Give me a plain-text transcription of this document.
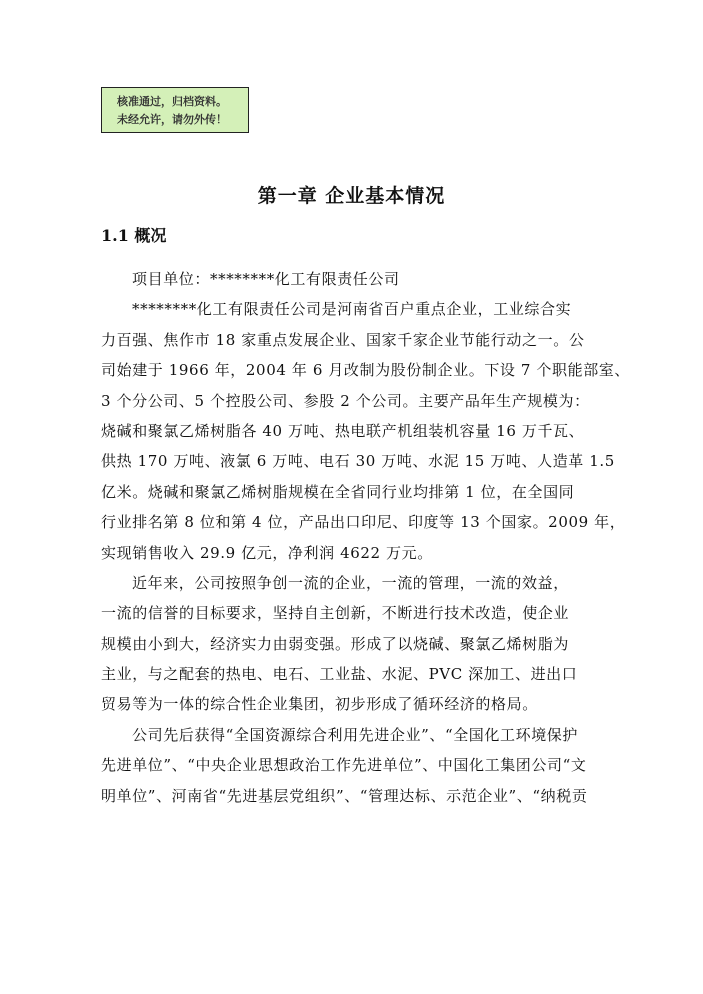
核准通过，归档资料。
未经允许，请勿外传！
第一章 企业基本情况
1.1 概况
项目单位：********化工有限责任公司
********化工有限责任公司是河南省百户重点企业，工业综合实
力百强、焦作市 18 家重点发展企业、国家千家企业节能行动之一。公
司始建于 1966 年，2004 年 6 月改制为股份制企业。下设 7 个职能部室、
3 个分公司、5 个控股公司、参股 2 个公司。主要产品年生产规模为：
烧碱和聚氯乙烯树脂各 40 万吨、热电联产机组装机容量 16 万千瓦、
供热 170 万吨、液氯 6 万吨、电石 30 万吨、水泥 15 万吨、人造革 1.5
亿米。烧碱和聚氯乙烯树脂规模在全省同行业均排第 1 位，在全国同
行业排名第 8 位和第 4 位，产品出口印尼、印度等 13 个国家。2009 年，
实现销售收入 29.9 亿元，净利润 4622 万元。
近年来，公司按照争创一流的企业，一流的管理，一流的效益，
一流的信誉的目标要求，坚持自主创新，不断进行技术改造，使企业
规模由小到大，经济实力由弱变强。形成了以烧碱、聚氯乙烯树脂为
主业，与之配套的热电、电石、工业盐、水泥、PVC 深加工、进出口
贸易等为一体的综合性企业集团，初步形成了循环经济的格局。
公司先后获得“全国资源综合利用先进企业”、“全国化工环境保护
先进单位”、“中央企业思想政治工作先进单位”、中国化工集团公司“文
明单位”、河南省“先进基层党组织”、“管理达标、示范企业”、“纳税贡
